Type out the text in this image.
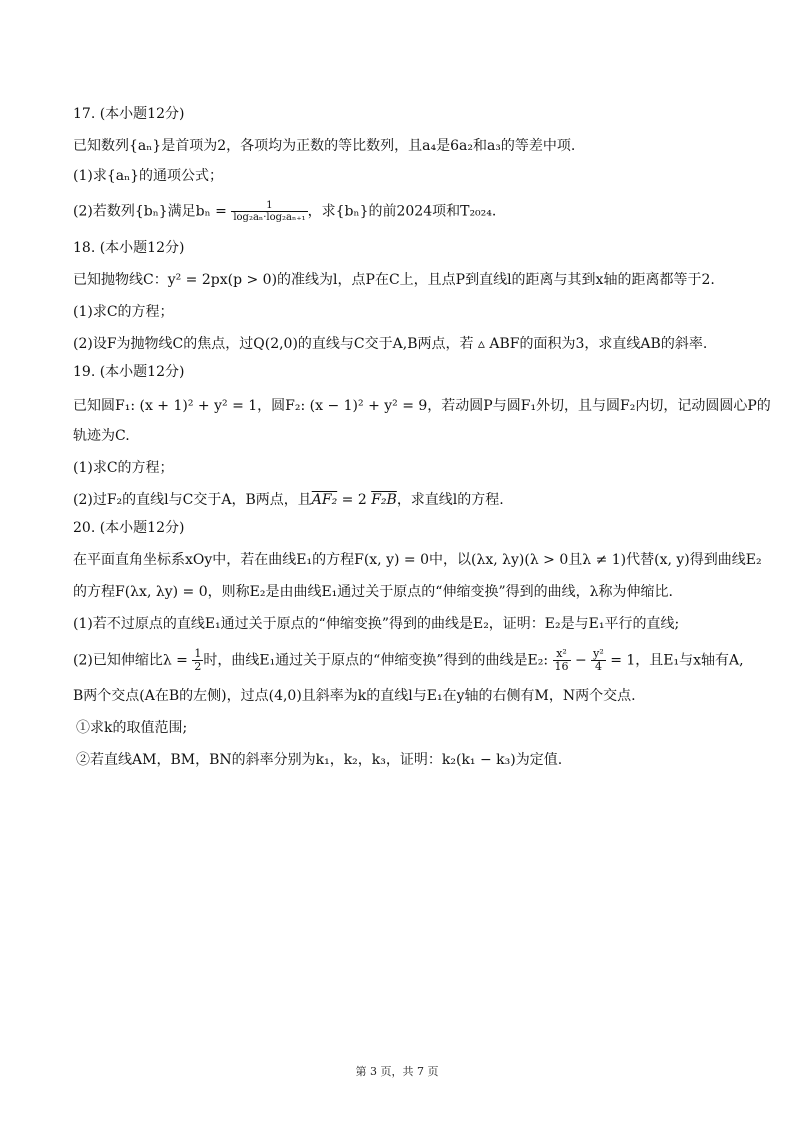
17. (本小题12分)
已知数列{aₙ}是首项为2，各项均为正数的等比数列，且a₄是6a₂和a₃的等差中项.
(1)求{aₙ}的通项公式；
(2)若数列{bₙ}满足$b_n = \frac{1}{\text{log₂aₙ·log₂aₙ₊₁}}$ ，求{bₙ}的前2024项和T₂₀₂₄.
18. (本小题12分)
已知抛物线C：y² = 2px(p > 0)的准线为l，点P在C上，且点P到直线l的距离与其到x轴的距离都等于2.
(1)求C的方程；
(2)设F为抛物线C的焦点，过Q(2,0)的直线与C交于A,B两点，若 ▵ ABF的面积为3，求直线AB的斜率.
19. (本小题12分)
已知圆F₁: (x + 1)² + y² = 1，圆F₂: (x − 1)² + y² = 9，若动圆P与圆F₁外切，且与圆F₂内切，记动圆圆心P的
轨迹为C.
(1)求C的方程；
(2)过F₂的直线l与C交于A，B两点，且AF₂ = 2 F₂B，求直线l的方程.
20. (本小题12分)
在平面直角坐标系xOy中，若在曲线E₁的方程F(x, y) = 0中，以(λx, λy)(λ > 0且λ ≠ 1)代替(x, y)得到曲线E₂
的方程F(λx, λy) = 0，则称E₂是由曲线E₁通过关于原点的“伸缩变换”得到的曲线，λ称为伸缩比.
(1)若不过原点的直线E₁通过关于原点的“伸缩变换”得到的曲线是E₂，证明：E₂是与E₁平行的直线;
(2)已知伸缩比$\lambda = \frac{1}{2}$ 时，曲线E₁通过关于原点的“伸缩变换”得到的曲线是E₂: $\frac{\text{x²}}{16} - \frac{\text{y²}}{4} = 1$，且E₁与x轴有A,
B两个交点(A在B的左侧)，过点(4,0)且斜率为k的直线l与E₁在y轴的右侧有M，N两个交点.
①求k的取值范围;
②若直线AM，BM，BN的斜率分别为k₁，k₂，k₃，证明：k₂(k₁ − k₃)为定值.
第 3 页，共 7 页
